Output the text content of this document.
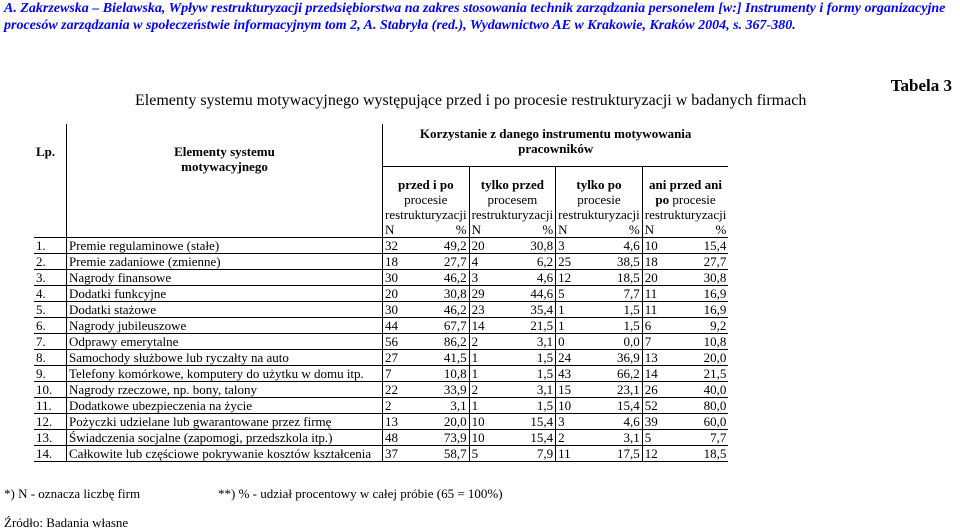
A. Zakrzewska – Bielawska, Wpływ restrukturyzacji przedsiębiorstwa na zakres stosowania technik zarządzania personelem [w:] Instrumenty i formy organizacyjne procesów zarządzania w społeczeństwie informacyjnym tom 2, A. Stabryła (red.), Wydawnictwo AE w Krakowie, Kraków 2004, s. 367-380.
Tabela 3
Elementy systemu motywacyjnego występujące przed i po procesie restrukturyzacji w badanych firmach
Lp.	Elementy systemu motywacyjnego	Korzystanie z danego instrumentu motywowania pracowników							
		przed i po procesie restrukturyzacji		tylko przed procesem restrukturyzacji		tylko po procesie restrukturyzacji		ani przed ani po procesie restrukturyzacji	
		N	%	N	%	N	%	N	%
1.	Premie regulaminowe (stałe)	32	49,2	20	30,8	3	4,6	10	15,4
2.	Premie zadaniowe (zmienne)	18	27,7	4	6,2	25	38,5	18	27,7
3.	Nagrody finansowe	30	46,2	3	4,6	12	18,5	20	30,8
4.	Dodatki funkcyjne	20	30,8	29	44,6	5	7,7	11	16,9
5.	Dodatki stażowe	30	46,2	23	35,4	1	1,5	11	16,9
6.	Nagrody jubileuszowe	44	67,7	14	21,5	1	1,5	6	9,2
7.	Odprawy emerytalne	56	86,2	2	3,1	0	0,0	7	10,8
8.	Samochody służbowe lub ryczałty na auto	27	41,5	1	1,5	24	36,9	13	20,0
9.	Telefony komórkowe, komputery do użytku w domu itp.	7	10,8	1	1,5	43	66,2	14	21,5
10.	Nagrody rzeczowe, np. bony, talony	22	33,9	2	3,1	15	23,1	26	40,0
11.	Dodatkowe ubezpieczenia na życie	2	3,1	1	1,5	10	15,4	52	80,0
12.	Pożyczki udzielane lub gwarantowane przez firmę	13	20,0	10	15,4	3	4,6	39	60,0
13.	Świadczenia socjalne (zapomogi, przedszkola itp.)	48	73,9	10	15,4	2	3,1	5	7,7
14.	Całkowite lub częściowe pokrywanie kosztów kształcenia	37	58,7	5	7,9	11	17,5	12	18,5
*) N - oznacza liczbę firm	**) % - udział procentowy w całej próbie (65 = 100%)
Źródło: Badania własne
